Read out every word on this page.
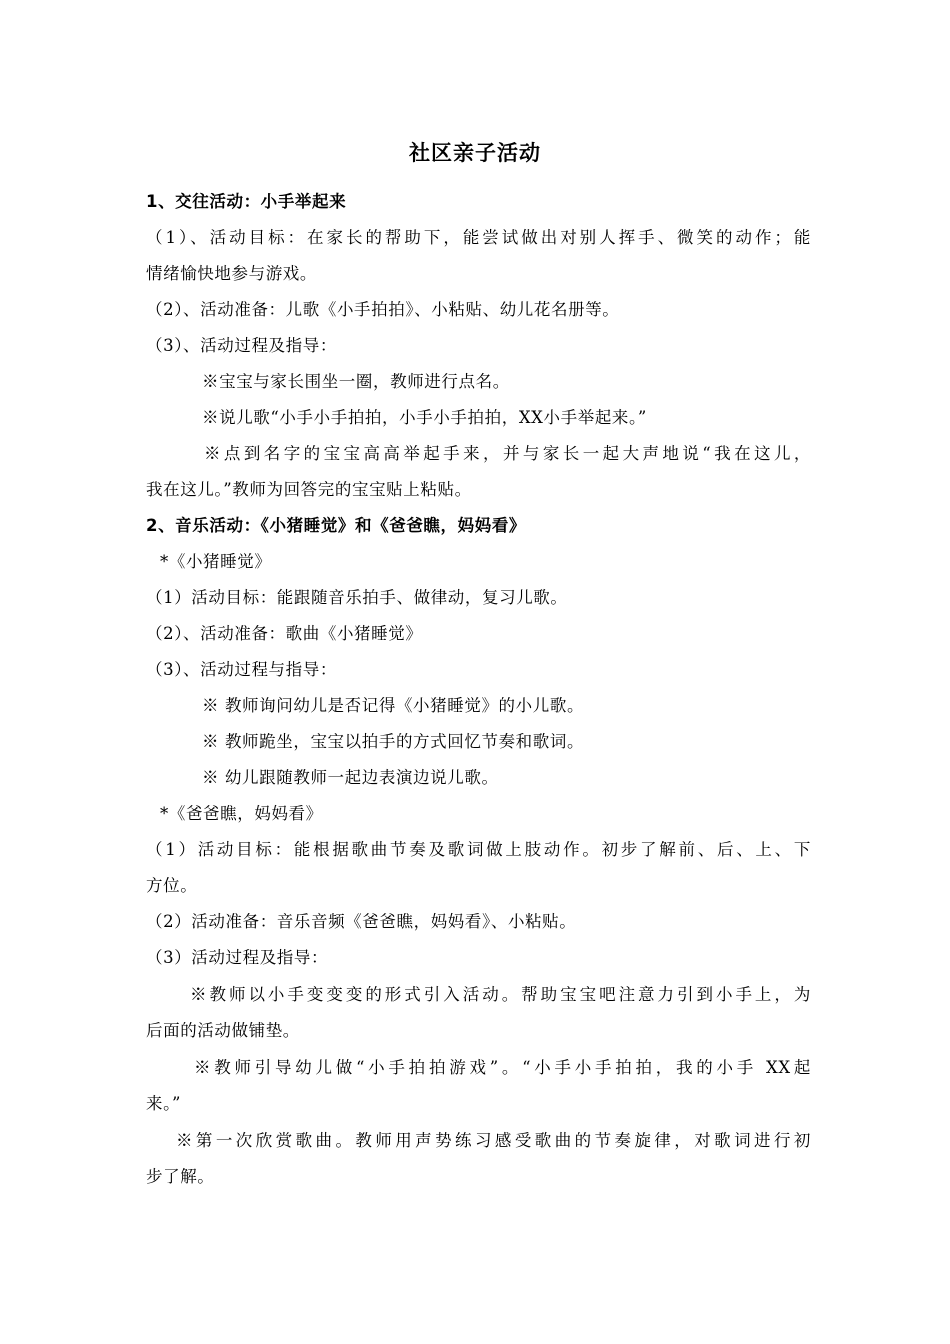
社区亲子活动
1、交往活动：小手举起来
（1）、活动目标：在家长的帮助下，能尝试做出对别人挥手、微笑的动作；能
情绪愉快地参与游戏。
（2）、活动准备：儿歌《小手拍拍》、小粘贴、幼儿花名册等。
（3）、活动过程及指导：
※宝宝与家长围坐一圈，教师进行点名。
※说儿歌“小手小手拍拍，小手小手拍拍，XX小手举起来。”
※点到名字的宝宝高高举起手来，并与家长一起大声地说“我在这儿，
我在这儿。”教师为回答完的宝宝贴上粘贴。
2、音乐活动：《小猪睡觉》和《爸爸瞧，妈妈看》
*《小猪睡觉》
（1）活动目标：能跟随音乐拍手、做律动，复习儿歌。
（2）、活动准备：歌曲《小猪睡觉》
（3）、活动过程与指导：
※ 教师询问幼儿是否记得《小猪睡觉》的小儿歌。
※ 教师跪坐，宝宝以拍手的方式回忆节奏和歌词。
※ 幼儿跟随教师一起边表演边说儿歌。
*《爸爸瞧，妈妈看》
（1）活动目标：能根据歌曲节奏及歌词做上肢动作。初步了解前、后、上、下
方位。
（2）活动准备：音乐音频《爸爸瞧，妈妈看》、小粘贴。
（3）活动过程及指导：
※教师以小手变变变的形式引入活动。帮助宝宝吧注意力引到小手上，为
后面的活动做铺垫。
※教师引导幼儿做“小手拍拍游戏”。“小手小手拍拍，我的小手 XX起
来。”
※第一次欣赏歌曲。教师用声势练习感受歌曲的节奏旋律，对歌词进行初
步了解。
